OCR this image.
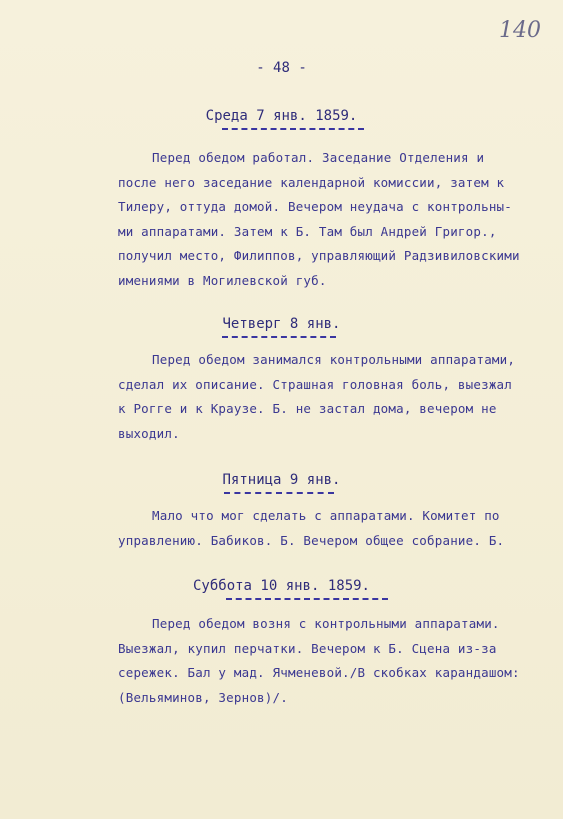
140
- 48 -
Среда 7 янв. 1859.
Перед обедом работал. Заседание Отделения и
после него заседание календарной комиссии, затем к
Тилеру, оттуда домой. Вечером неудача с контрольны-
ми аппаратами. Затем к Б. Там был Андрей Григор.,
получил место, Филиппов, управляющий Радзивиловскими
имениями в Могилевской губ.
Четверг 8 янв.
Перед обедом занимался контрольными аппаратами,
сделал их описание. Страшная головная боль, выезжал
к Рогге и к Краузе. Б. не застал дома, вечером не
выходил.
Пятница 9 янв.
Мало что мог сделать с аппаратами. Комитет по
управлению. Бабиков. Б. Вечером общее собрание. Б.
Суббота 10 янв. 1859.
Перед обедом возня с контрольными аппаратами.
Выезжал, купил перчатки. Вечером к Б. Сцена из-за
сережек. Бал у мад. Ячменевой./В скобках карандашом:
(Вельяминов, Зернов)/.
